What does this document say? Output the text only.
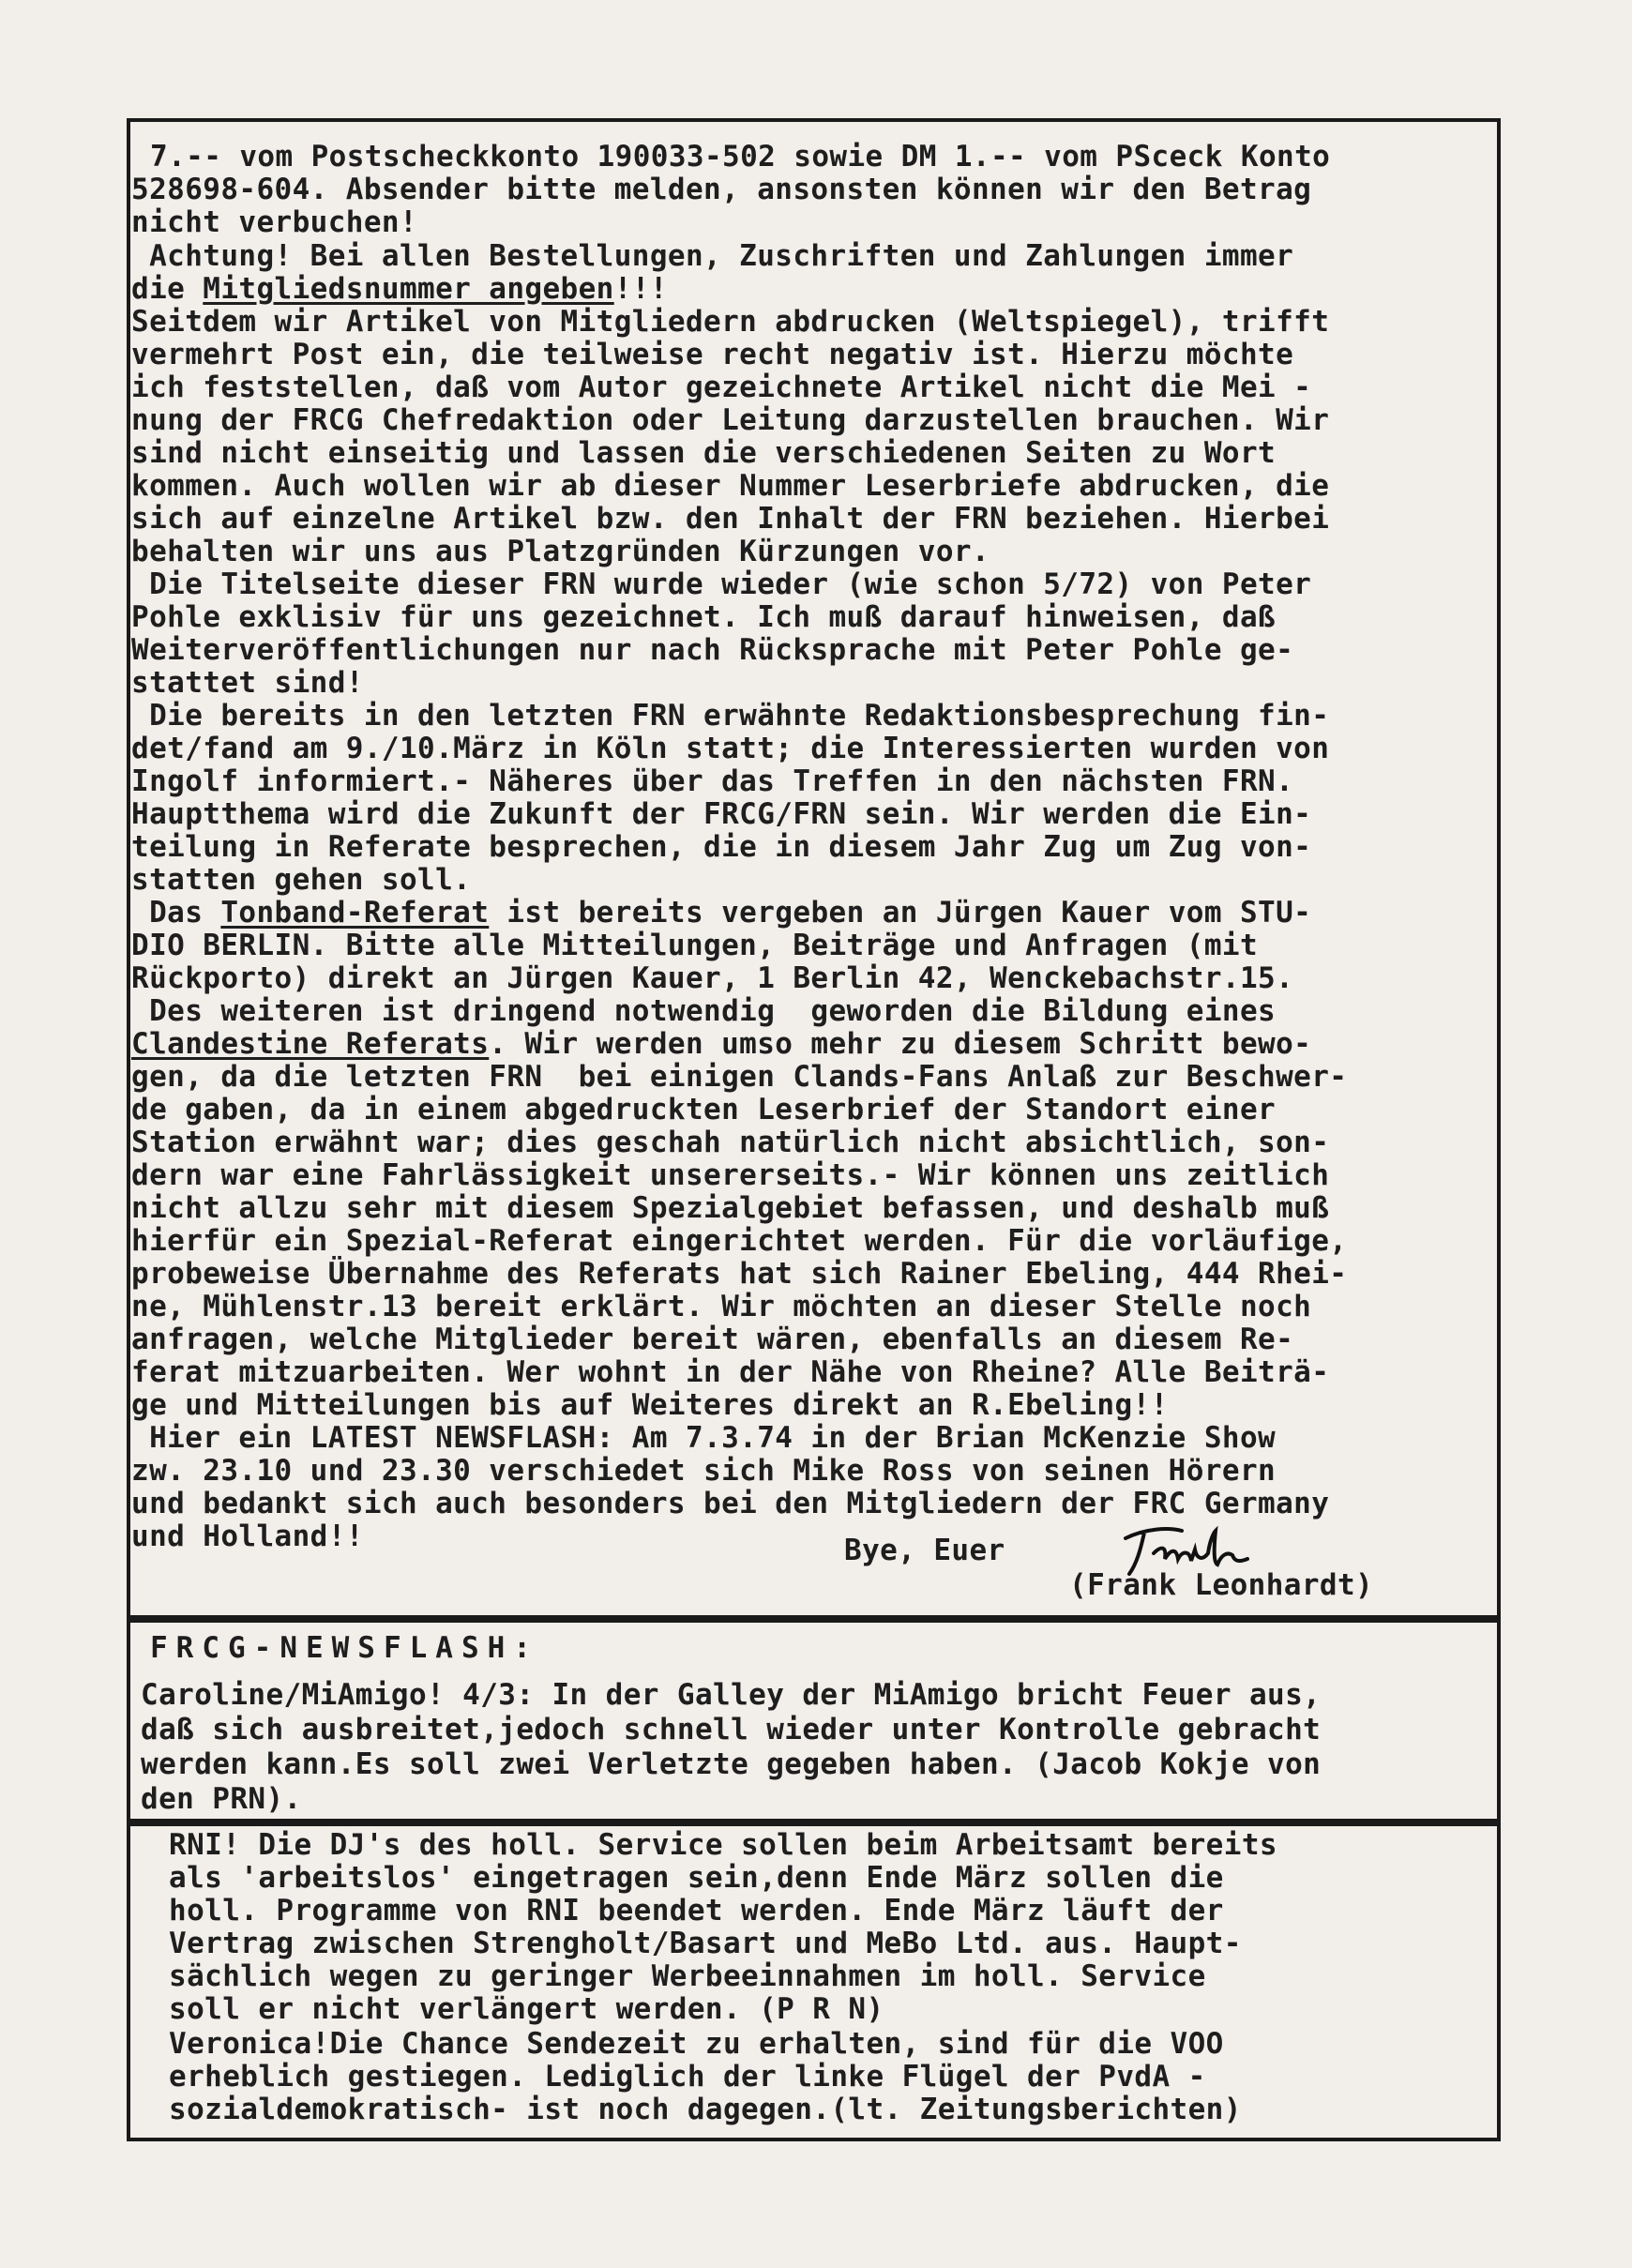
7.-- vom Postscheckkonto 190033-502 sowie DM 1.-- vom PSceck Konto
528698-604. Absender bitte melden, ansonsten können wir den Betrag
nicht verbuchen!
Achtung! Bei allen Bestellungen, Zuschriften und Zahlungen immer
die Mitgliedsnummer angeben!!!
Seitdem wir Artikel von Mitgliedern abdrucken (Weltspiegel), trifft
vermehrt Post ein, die teilweise recht negativ ist. Hierzu möchte
ich feststellen, daß vom Autor gezeichnete Artikel nicht die Mei -
nung der FRCG Chefredaktion oder Leitung darzustellen brauchen. Wir
sind nicht einseitig und lassen die verschiedenen Seiten zu Wort
kommen. Auch wollen wir ab dieser Nummer Leserbriefe abdrucken, die
sich auf einzelne Artikel bzw. den Inhalt der FRN beziehen. Hierbei
behalten wir uns aus Platzgründen Kürzungen vor.
Die Titelseite dieser FRN wurde wieder (wie schon 5/72) von Peter
Pohle exklisiv für uns gezeichnet. Ich muß darauf hinweisen, daß
Weiterveröffentlichungen nur nach Rücksprache mit Peter Pohle ge-
stattet sind!
Die bereits in den letzten FRN erwähnte Redaktionsbesprechung fin-
det/fand am 9./10.März in Köln statt; die Interessierten wurden von
Ingolf informiert.- Näheres über das Treffen in den nächsten FRN.
Hauptthema wird die Zukunft der FRCG/FRN sein. Wir werden die Ein-
teilung in Referate besprechen, die in diesem Jahr Zug um Zug von-
statten gehen soll.
Das Tonband-Referat ist bereits vergeben an Jürgen Kauer vom STU-
DIO BERLIN. Bitte alle Mitteilungen, Beiträge und Anfragen (mit
Rückporto) direkt an Jürgen Kauer, 1 Berlin 42, Wenckebachstr.15.
Des weiteren ist dringend notwendig  geworden die Bildung eines
Clandestine Referats. Wir werden umso mehr zu diesem Schritt bewo-
gen, da die letzten FRN  bei einigen Clands-Fans Anlaß zur Beschwer-
de gaben, da in einem abgedruckten Leserbrief der Standort einer
Station erwähnt war; dies geschah natürlich nicht absichtlich, son-
dern war eine Fahrlässigkeit unsererseits.- Wir können uns zeitlich
nicht allzu sehr mit diesem Spezialgebiet befassen, und deshalb muß
hierfür ein Spezial-Referat eingerichtet werden. Für die vorläufige,
probeweise Übernahme des Referats hat sich Rainer Ebeling, 444 Rhei-
ne, Mühlenstr.13 bereit erklärt. Wir möchten an dieser Stelle noch
anfragen, welche Mitglieder bereit wären, ebenfalls an diesem Re-
ferat mitzuarbeiten. Wer wohnt in der Nähe von Rheine? Alle Beiträ-
ge und Mitteilungen bis auf Weiteres direkt an R.Ebeling!!
Hier ein LATEST NEWSFLASH: Am 7.3.74 in der Brian McKenzie Show
zw. 23.10 und 23.30 verschiedet sich Mike Ross von seinen Hörern
und bedankt sich auch besonders bei den Mitgliedern der FRC Germany
und Holland!!	Bye, Euer
(Frank Leonhardt)
FRCG-NEWSFLASH:
Caroline/MiAmigo! 4/3: In der Galley der MiAmigo bricht Feuer aus,
daß sich ausbreitet,jedoch schnell wieder unter Kontrolle gebracht
werden kann.Es soll zwei Verletzte gegeben haben. (Jacob Kokje von
den PRN).
RNI! Die DJ's des holl. Service sollen beim Arbeitsamt bereits
als 'arbeitslos' eingetragen sein,denn Ende März sollen die
holl. Programme von RNI beendet werden. Ende März läuft der
Vertrag zwischen Strengholt/Basart und MeBo Ltd. aus. Haupt-
sächlich wegen zu geringer Werbeeinnahmen im holl. Service
soll er nicht verlängert werden. (P R N)
Veronica!Die Chance Sendezeit zu erhalten, sind für die VOO
erheblich gestiegen. Lediglich der linke Flügel der PvdA -
sozialdemokratisch- ist noch dagegen.(lt. Zeitungsberichten)
